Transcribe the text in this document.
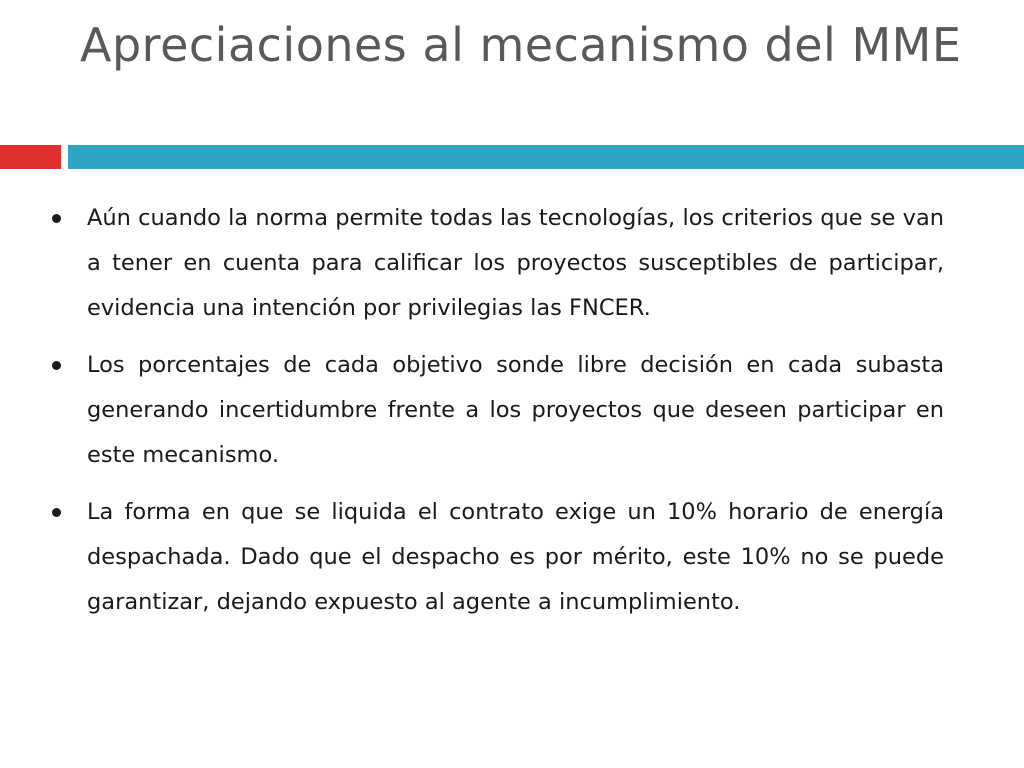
Apreciaciones al mecanismo del MME
Aún cuando la norma permite todas las tecnologías, los criterios que se van a tener en cuenta para calificar los proyectos susceptibles de participar, evidencia una intención por privilegias las FNCER.
Los porcentajes de cada objetivo sonde libre decisión en cada subasta generando incertidumbre frente a los proyectos que deseen participar en este mecanismo.
La forma en que se liquida el contrato exige un 10% horario de energía despachada. Dado que el despacho es por mérito, este 10% no se puede garantizar, dejando expuesto al agente a incumplimiento.
